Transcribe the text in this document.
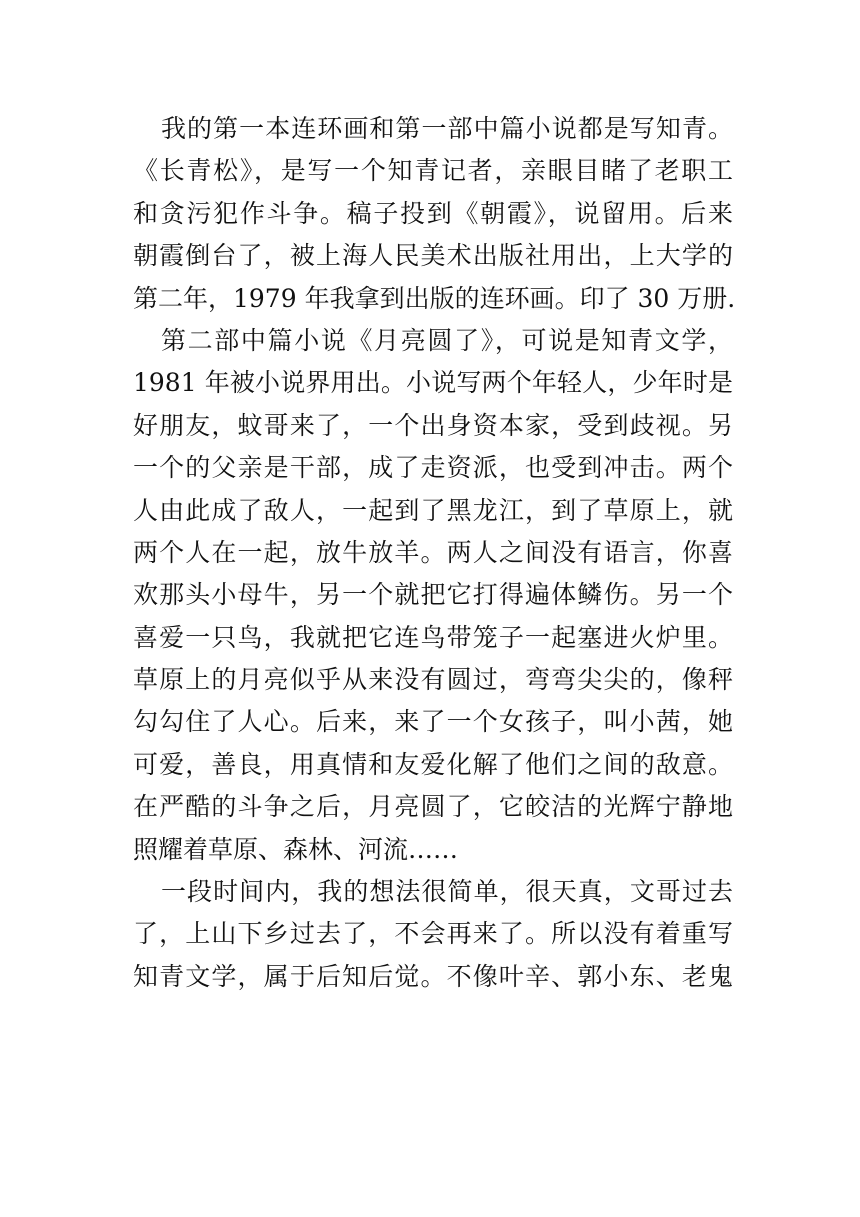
我的第一本连环画和第一部中篇小说都是写知青。
《长青松》，是写一个知青记者，亲眼目睹了老职工
和贪污犯作斗争。稿子投到《朝霞》，说留用。后来
朝霞倒台了，被上海人民美术出版社用出，上大学的
第二年，1979 年我拿到出版的连环画。印了 30 万册.
第二部中篇小说《月亮圆了》，可说是知青文学，
1981 年被小说界用出。小说写两个年轻人，少年时是
好朋友，蚊哥来了，一个出身资本家，受到歧视。另
一个的父亲是干部，成了走资派，也受到冲击。两个
人由此成了敌人，一起到了黑龙江，到了草原上，就
两个人在一起，放牛放羊。两人之间没有语言，你喜
欢那头小母牛，另一个就把它打得遍体鳞伤。另一个
喜爱一只鸟，我就把它连鸟带笼子一起塞进火炉里。
草原上的月亮似乎从来没有圆过，弯弯尖尖的，像秤
勾勾住了人心。后来，来了一个女孩子，叫小茜，她
可爱，善良，用真情和友爱化解了他们之间的敌意。
在严酷的斗争之后，月亮圆了，它皎洁的光辉宁静地
照耀着草原、森林、河流……
一段时间内，我的想法很简单，很天真，文哥过去
了，上山下乡过去了，不会再来了。所以没有着重写
知青文学，属于后知后觉。不像叶辛、郭小东、老鬼
